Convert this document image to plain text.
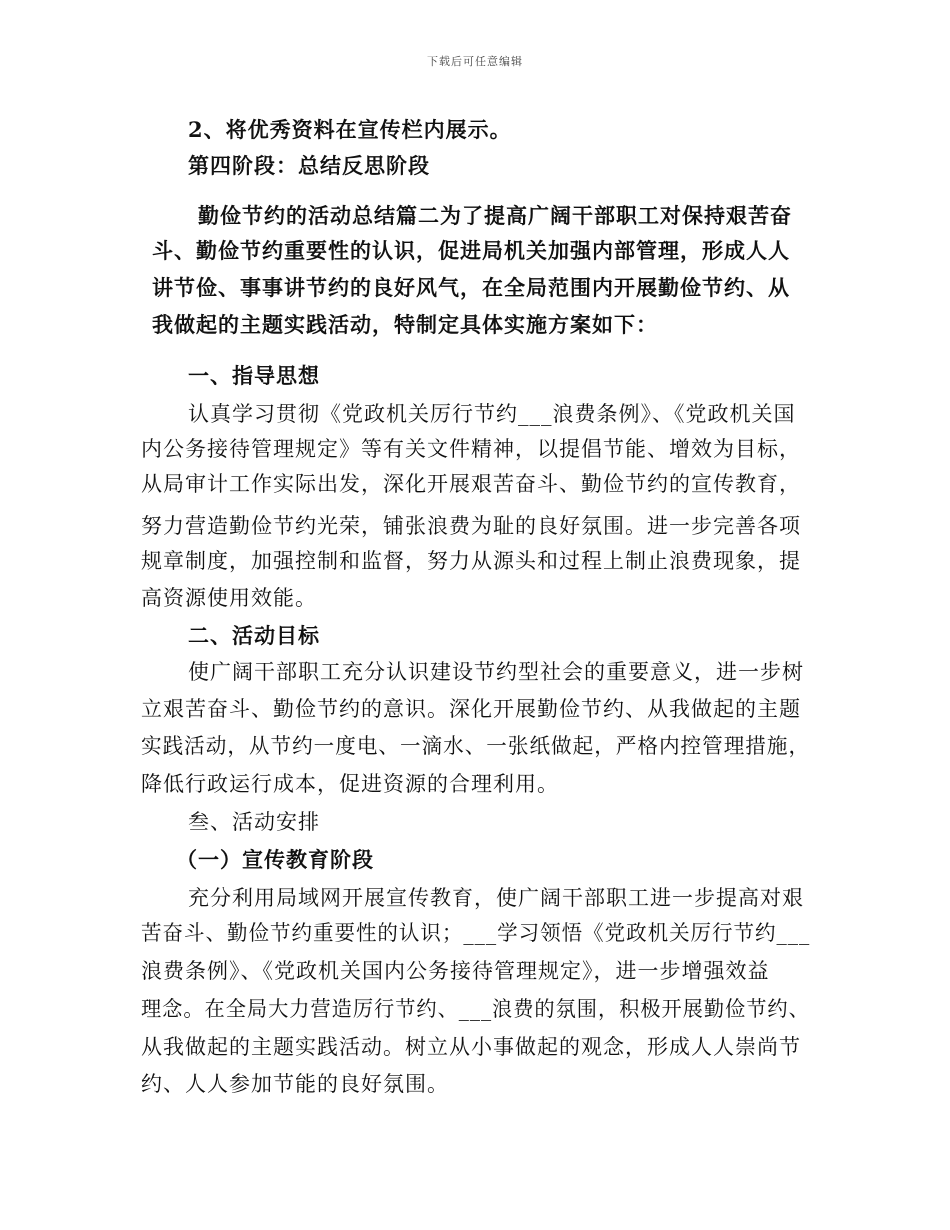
下载后可任意编辑
2、将优秀资料在宣传栏内展示。
第四阶段：总结反思阶段
勤俭节约的活动总结篇二为了提高广阔干部职工对保持艰苦奋
斗、勤俭节约重要性的认识，促进局机关加强内部管理，形成人人
讲节俭、事事讲节约的良好风气，在全局范围内开展勤俭节约、从
我做起的主题实践活动，特制定具体实施方案如下：
一、指导思想
认真学习贯彻《党政机关厉行节约___浪费条例》、《党政机关国
内公务接待管理规定》等有关文件精神，以提倡节能、增效为目标，
从局审计工作实际出发，深化开展艰苦奋斗、勤俭节约的宣传教育，
努力营造勤俭节约光荣，铺张浪费为耻的良好氛围。进一步完善各项
规章制度，加强控制和监督，努力从源头和过程上制止浪费现象，提
高资源使用效能。
二、活动目标
使广阔干部职工充分认识建设节约型社会的重要意义，进一步树
立艰苦奋斗、勤俭节约的意识。深化开展勤俭节约、从我做起的主题
实践活动，从节约一度电、一滴水、一张纸做起，严格内控管理措施，
降低行政运行成本，促进资源的合理利用。
叁、活动安排
（一）宣传教育阶段
充分利用局域网开展宣传教育，使广阔干部职工进一步提高对艰
苦奋斗、勤俭节约重要性的认识；___学习领悟《党政机关厉行节约___
浪费条例》、《党政机关国内公务接待管理规定》，进一步增强效益
理念。在全局大力营造厉行节约、___浪费的氛围，积极开展勤俭节约、
从我做起的主题实践活动。树立从小事做起的观念，形成人人崇尚节
约、人人参加节能的良好氛围。
